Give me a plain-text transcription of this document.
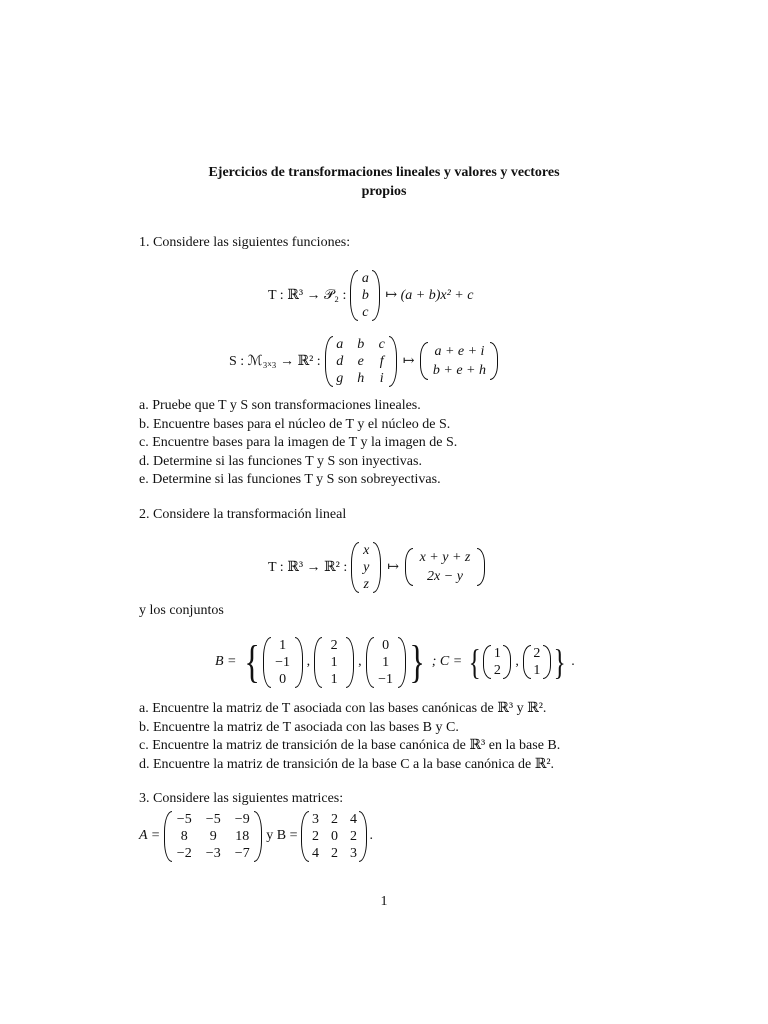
Ejercicios de transformaciones lineales y valores y vectores
propios
1. Considere las siguientes funciones:
T : ℝ³ → 𝒫₂ :
a
b
c
↦ (a + b)x² + c
S : ℳ₃ₓ₃ → ℝ² :
a b c
d e f
g h i
↦
a + e + i
b + e + h
a. Pruebe que T y S son transformaciones lineales.
b. Encuentre bases para el núcleo de T y el núcleo de S.
c. Encuentre bases para la imagen de T y la imagen de S.
d. Determine si las funciones T y S son inyectivas.
e. Determine si las funciones T y S son sobreyectivas.
2. Considere la transformación lineal
T : ℝ³ → ℝ² :
x
y
z
↦
x + y + z
2x − y
y los conjuntos
B = {	1
−1
0
,
2
1
1
,
0
1
−1 } ; C = { 1
2
,
2
1 } .
a. Encuentre la matriz de T asociada con las bases canónicas de ℝ³ y ℝ².
b. Encuentre la matriz de T asociada con las bases B y C.
c. Encuentre la matriz de transición de la base canónica de ℝ³ en la base B.
d. Encuentre la matriz de transición de la base C a la base canónica de ℝ².
3. Considere las siguientes matrices:
A =
−5 −5 −9
8	9	18
−2 −3 −7
y B =
3 2 4
2 0 2
4 2 3
.
1
